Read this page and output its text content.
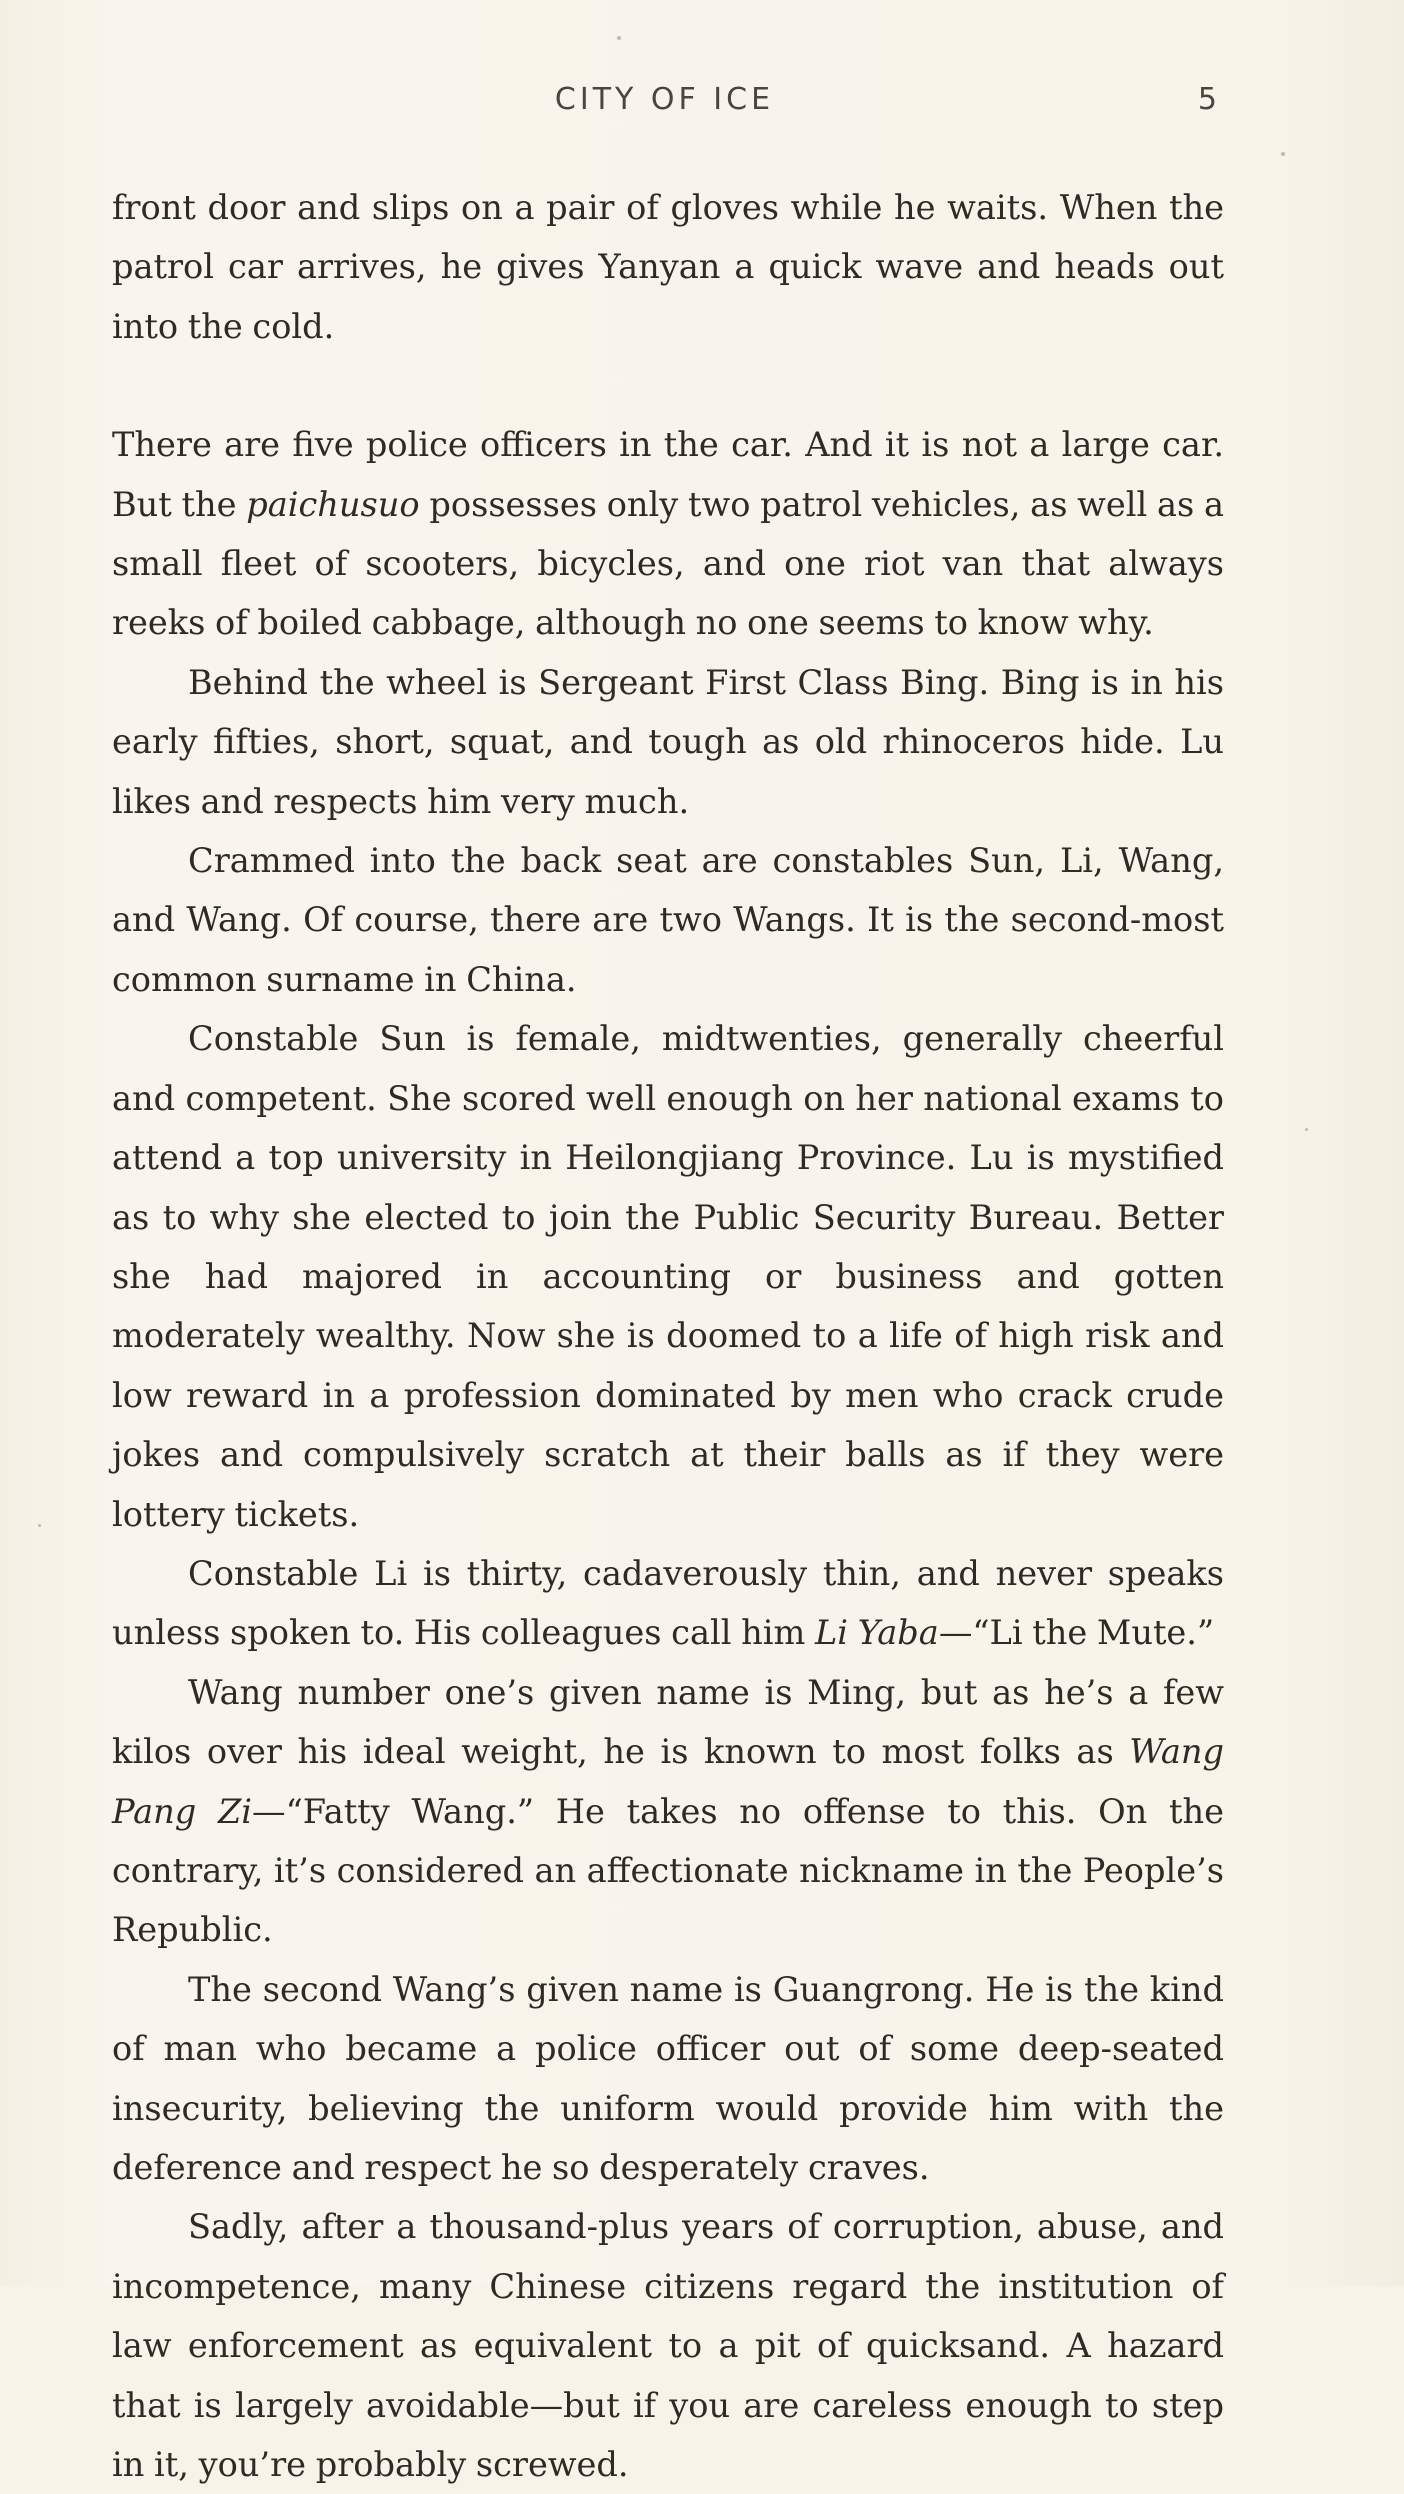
CITY OF ICE	5

front door and slips on a pair of gloves while he waits. When the patrol car arrives, he gives Yanyan a quick wave and heads out into the cold.

There are five police officers in the car. And it is not a large car. But the paichusuo possesses only two patrol vehicles, as well as a small fleet of scooters, bicycles, and one riot van that always reeks of boiled cabbage, although no one seems to know why.

Behind the wheel is Sergeant First Class Bing. Bing is in his early fifties, short, squat, and tough as old rhinoceros hide. Lu likes and respects him very much.

Crammed into the back seat are constables Sun, Li, Wang, and Wang. Of course, there are two Wangs. It is the second-most common surname in China.

Constable Sun is female, midtwenties, generally cheerful and competent. She scored well enough on her national exams to attend a top university in Heilongjiang Province. Lu is mystified as to why she elected to join the Public Security Bureau. Better she had majored in accounting or business and gotten moderately wealthy. Now she is doomed to a life of high risk and low reward in a profession dominated by men who crack crude jokes and compulsively scratch at their balls as if they were lottery tickets.

Constable Li is thirty, cadaverously thin, and never speaks unless spoken to. His colleagues call him Li Yaba—“Li the Mute.”

Wang number one’s given name is Ming, but as he’s a few kilos over his ideal weight, he is known to most folks as Wang Pang Zi—“Fatty Wang.” He takes no offense to this. On the contrary, it’s considered an affectionate nickname in the People’s Republic.

The second Wang’s given name is Guangrong. He is the kind of man who became a police officer out of some deep-seated insecurity, believing the uniform would provide him with the deference and respect he so desperately craves.

Sadly, after a thousand-plus years of corruption, abuse, and incompetence, many Chinese citizens regard the institution of law enforcement as equivalent to a pit of quicksand. A hazard that is largely avoidable—but if you are careless enough to step in it, you’re probably screwed.
